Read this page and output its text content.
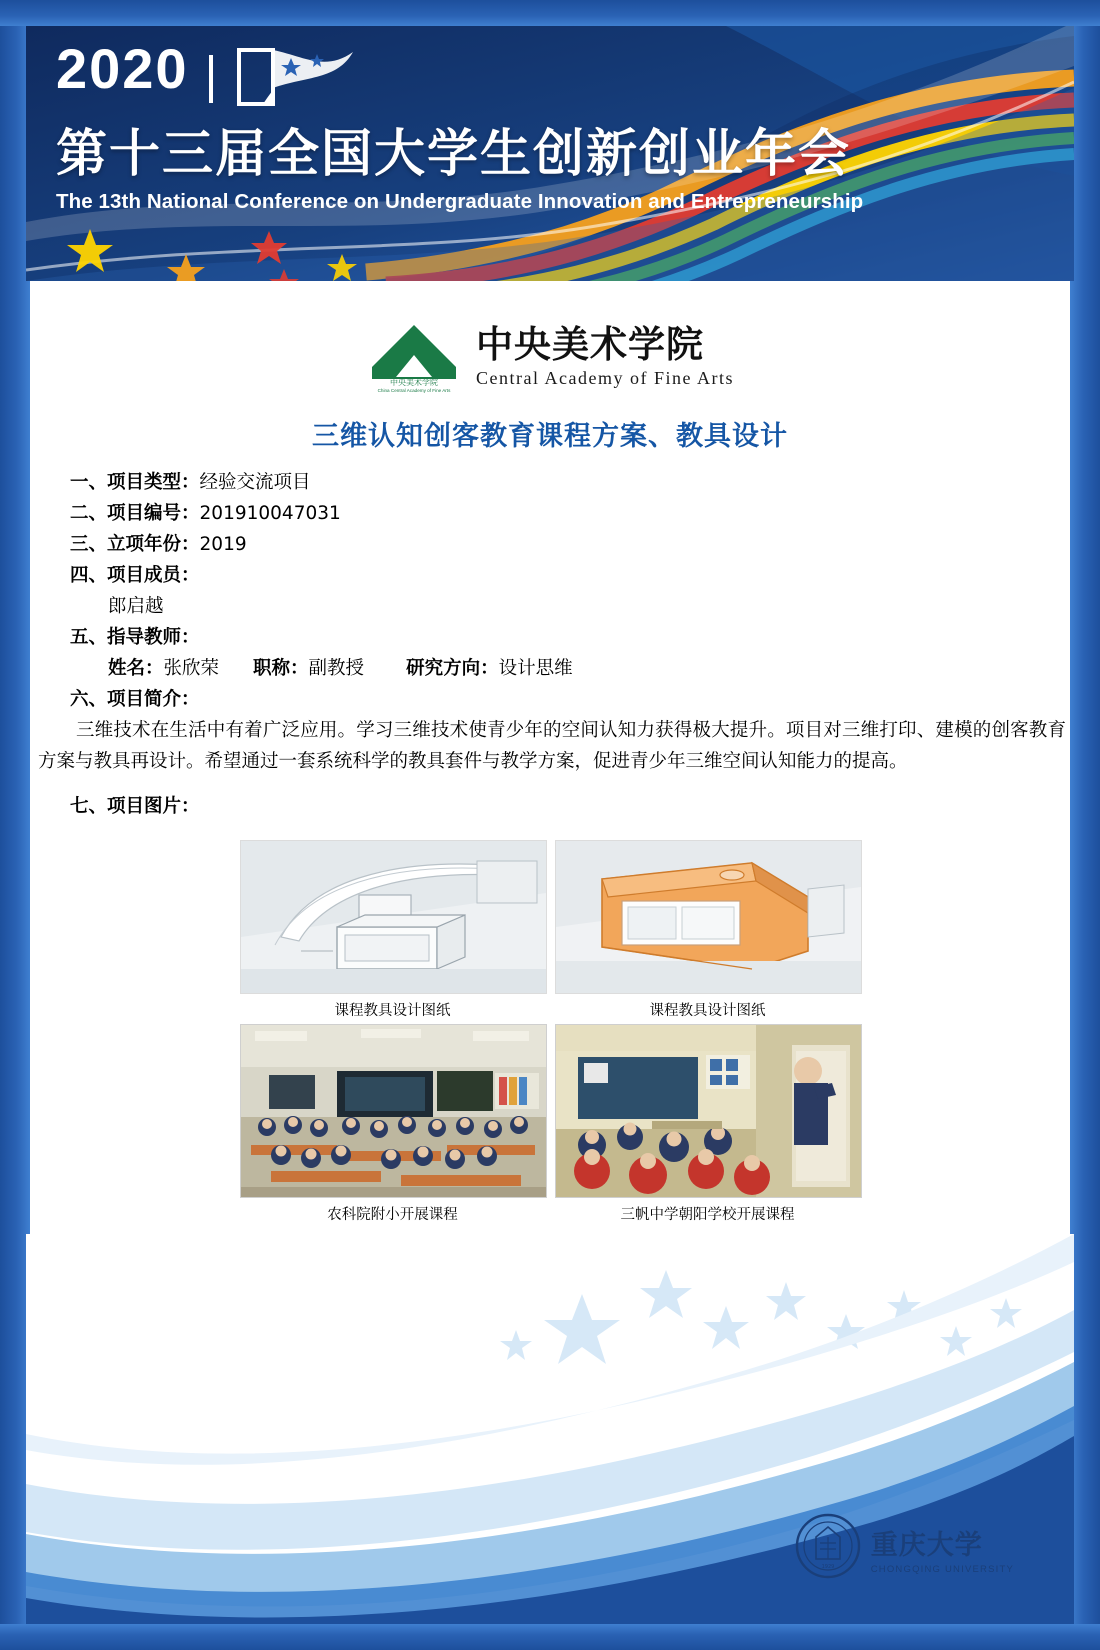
2020
第十三届全国大学生创新创业年会
The 13th National Conference on Undergraduate Innovation and Entrepreneurship
中央美术学院
China Central Academy of Fine Arts
中央美术学院
Central Academy of Fine Arts
三维认知创客教育课程方案、教具设计
一、项目类型：经验交流项目
二、项目编号：201910047031
三、立项年份：2019
四、项目成员：
郎启越
五、指导教师：
姓名：张欣荣 职称：副教授 研究方向：设计思维
六、项目简介：
三维技术在生活中有着广泛应用。学习三维技术使青少年的空间认知力获得极大提升。项目对三维打印、建模的创客教育方案与教具再设计。希望通过一套系统科学的教具套件与教学方案，促进青少年三维空间认知能力的提高。
七、项目图片：
课程教具设计图纸	课程教具设计图纸
农科院附小开展课程	三帆中学朝阳学校开展课程
1929
重庆大学
CHONGQING UNIVERSITY
